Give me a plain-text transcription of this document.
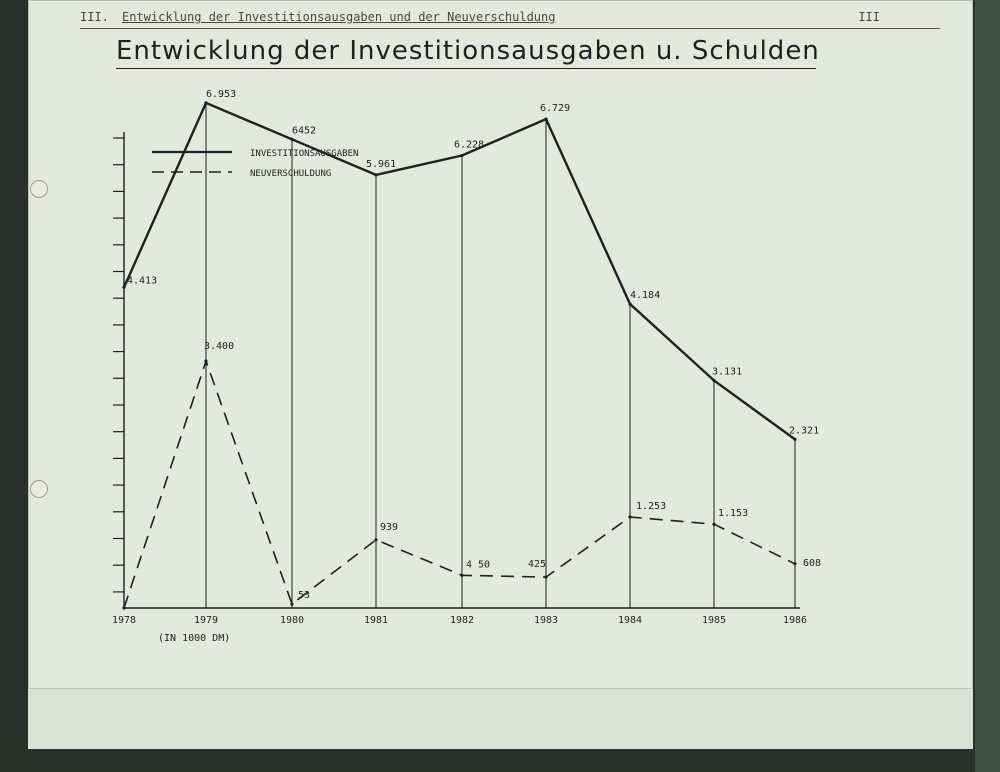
III. Entwicklung der Investitionsausgaben und der Neuverschuldung	III
Entwicklung der Investitionsausgaben u. Schulden
1978	1979	1980	1981	1982	1983	1984	1985	1986
4.413
6.953
6452
5.961
6.228
6.729
4.184
3.131
2.321
3.400
53
939
4 50	425
1.253
1.153
608
INVESTITIONSAUSGABEN
NEUVERSCHULDUNG
(IN 1000 DM)
